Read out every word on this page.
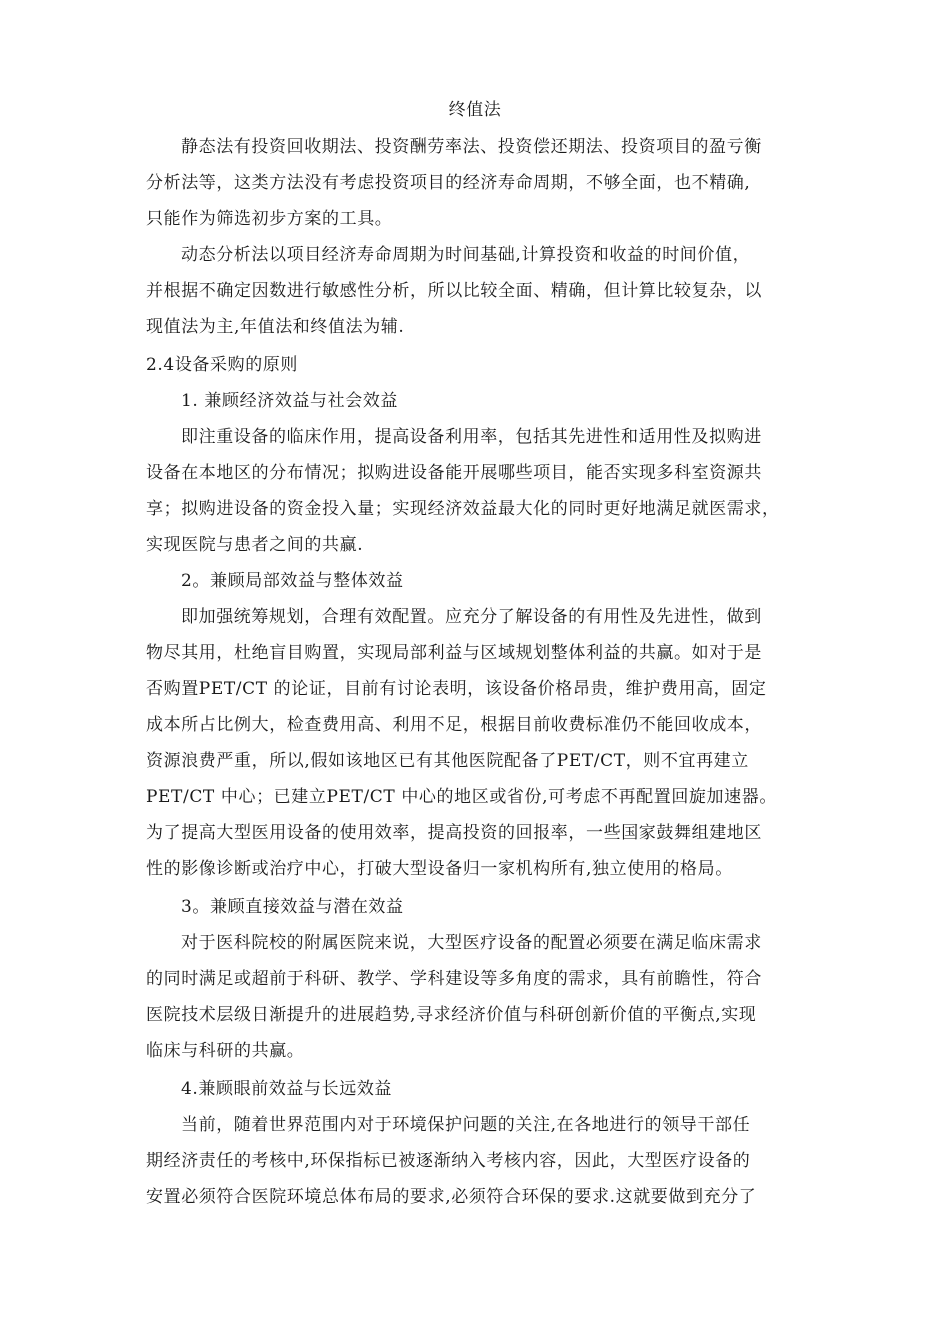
终值法
静态法有投资回收期法、投资酬劳率法、投资偿还期法、投资项目的盈亏衡
分析法等，这类方法没有考虑投资项目的经济寿命周期，不够全面，也不精确,
只能作为筛选初步方案的工具。
动态分析法以项目经济寿命周期为时间基础,计算投资和收益的时间价值，
并根据不确定因数进行敏感性分析，所以比较全面、精确，但计算比较复杂，以
现值法为主,年值法和终值法为辅.
2.4设备采购的原则
1. 兼顾经济效益与社会效益
即注重设备的临床作用，提高设备利用率，包括其先进性和适用性及拟购进
设备在本地区的分布情况；拟购进设备能开展哪些项目，能否实现多科室资源共
享；拟购进设备的资金投入量；实现经济效益最大化的同时更好地满足就医需求，
实现医院与患者之间的共赢.
2。兼顾局部效益与整体效益
即加强统筹规划，合理有效配置。应充分了解设备的有用性及先进性，做到
物尽其用，杜绝盲目购置，实现局部利益与区域规划整体利益的共赢。如对于是
否购置PET/CT 的论证，目前有讨论表明，该设备价格昂贵，维护费用高，固定
成本所占比例大，检查费用高、利用不足，根据目前收费标准仍不能回收成本，
资源浪费严重，所以,假如该地区已有其他医院配备了PET/CT，则不宜再建立
PET/CT 中心；已建立PET/CT 中心的地区或省份,可考虑不再配置回旋加速器。
为了提高大型医用设备的使用效率，提高投资的回报率，一些国家鼓舞组建地区
性的影像诊断或治疗中心，打破大型设备归一家机构所有,独立使用的格局。
3。兼顾直接效益与潜在效益
对于医科院校的附属医院来说，大型医疗设备的配置必须要在满足临床需求
的同时满足或超前于科研、教学、学科建设等多角度的需求，具有前瞻性，符合
医院技术层级日渐提升的进展趋势,寻求经济价值与科研创新价值的平衡点,实现
临床与科研的共赢。
4.兼顾眼前效益与长远效益
当前，随着世界范围内对于环境保护问题的关注,在各地进行的领导干部任
期经济责任的考核中,环保指标已被逐渐纳入考核内容，因此，大型医疗设备的
安置必须符合医院环境总体布局的要求,必须符合环保的要求.这就要做到充分了
